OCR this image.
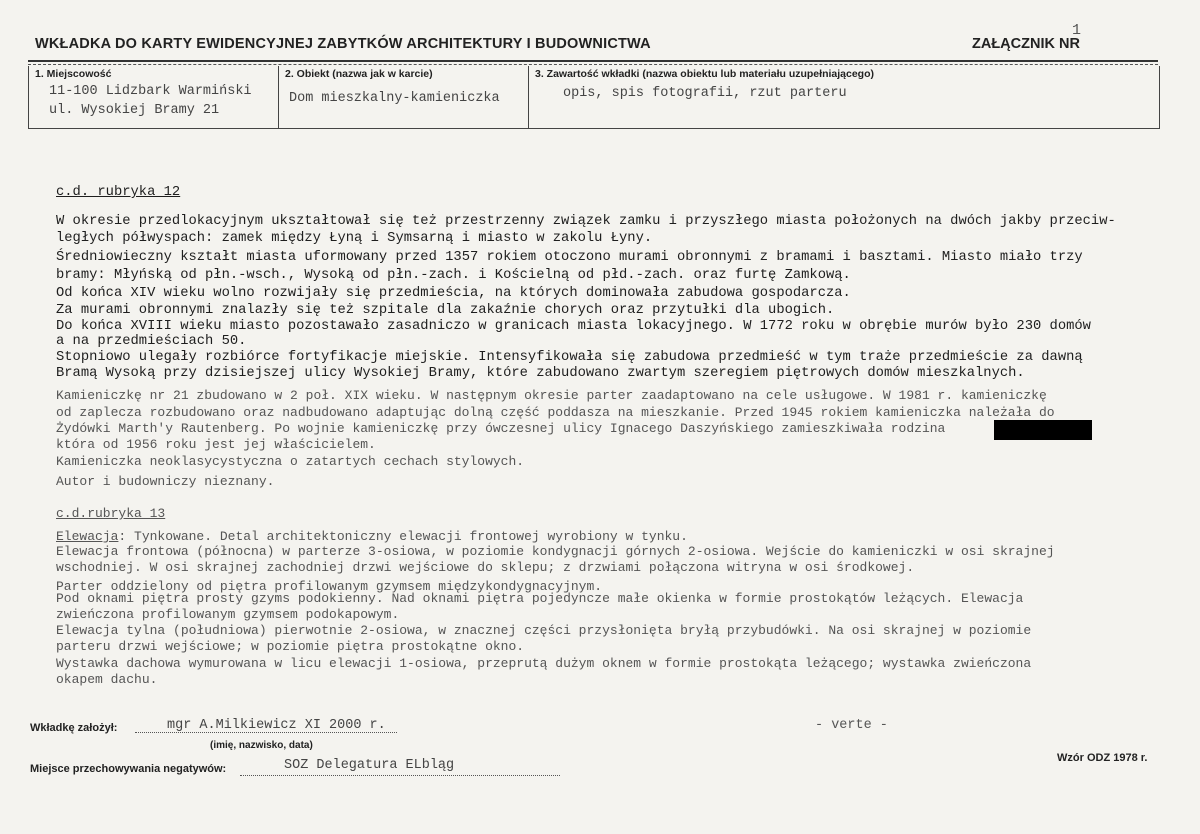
1
WKŁADKA DO KARTY EWIDENCYJNEJ ZABYTKÓW ARCHITEKTURY I BUDOWNICTWA	ZAŁĄCZNIK NR
1. Miejscowość
11-100 Lidzbark Warmiński
ul. Wysokiej Bramy 21
2. Obiekt (nazwa jak w karcie)
Dom mieszkalny-kamieniczka
3. Zawartość wkładki (nazwa obiektu lub materiału uzupełniającego)
opis, spis fotografii, rzut parteru
c.d. rubryka 12
W okresie przedlokacyjnym ukształtował się też przestrzenny związek zamku i przyszłego miasta położonych na dwóch jakby przeciw-
ległych półwyspach: zamek między Łyną i Symsarną i miasto w zakolu Łyny.
Średniowieczny kształt miasta uformowany przed 1357 rokiem otoczono murami obronnymi z bramami i basztami. Miasto miało trzy
bramy: Młyńską od płn.-wsch., Wysoką od płn.-zach. i Kościelną od płd.-zach. oraz furtę Zamkową.
Od końca XIV wieku wolno rozwijały się przedmieścia, na których dominowała zabudowa gospodarcza.
Za murami obronnymi znalazły się też szpitale dla zakaźnie chorych oraz przytułki dla ubogich.
Do końca XVIII wieku miasto pozostawało zasadniczo w granicach miasta lokacyjnego. W 1772 roku w obrębie murów było 230 domów
a na przedmieściach 50.
Stopniowo ulegały rozbiórce fortyfikacje miejskie. Intensyfikowała się zabudowa przedmieść w tym traże przedmieście za dawną
Bramą Wysoką przy dzisiejszej ulicy Wysokiej Bramy, które zabudowano zwartym szeregiem piętrowych domów mieszkalnych.
Kamieniczkę nr 21 zbudowano w 2 poł. XIX wieku. W następnym okresie parter zaadaptowano na cele usługowe. W 1981 r. kamieniczkę
od zaplecza rozbudowano oraz nadbudowano adaptując dolną część poddasza na mieszkanie. Przed 1945 rokiem kamieniczka należała do
Żydówki Marth'y Rautenberg. Po wojnie kamieniczkę przy ówczesnej ulicy Ignacego Daszyńskiego zamieszkiwała rodzina
która od 1956 roku jest jej właścicielem.
Kamieniczka neoklasycystyczna o zatartych cechach stylowych.
Autor i budowniczy nieznany.
c.d.rubryka 13
Elewacja: Tynkowane. Detal architektoniczny elewacji frontowej wyrobiony w tynku.
Elewacja frontowa (północna) w parterze 3-osiowa, w poziomie kondygnacji górnych 2-osiowa. Wejście do kamieniczki w osi skrajnej
wschodniej. W osi skrajnej zachodniej drzwi wejściowe do sklepu; z drzwiami połączona witryna w osi środkowej.
Parter oddzielony od piętra profilowanym gzymsem międzykondygnacyjnym.
Pod oknami piętra prosty gzyms podokienny. Nad oknami piętra pojedyncze małe okienka w formie prostokątów leżących. Elewacja
zwieńczona profilowanym gzymsem podokapowym.
Elewacja tylna (południowa) pierwotnie 2-osiowa, w znacznej części przysłonięta bryłą przybudówki. Na osi skrajnej w poziomie
parteru drzwi wejściowe; w poziomie piętra prostokątne okno.
Wystawka dachowa wymurowana w licu elewacji 1-osiowa, przeprutą dużym oknem w formie prostokąta leżącego; wystawka zwieńczona
okapem dachu.
Wkładkę założył:	mgr A.Milkiewicz XI 2000 r.
(imię, nazwisko, data)
- verte -
Miejsce przechowywania negatywów:	SOZ Delegatura ELbląg	Wzór ODZ 1978 r.
